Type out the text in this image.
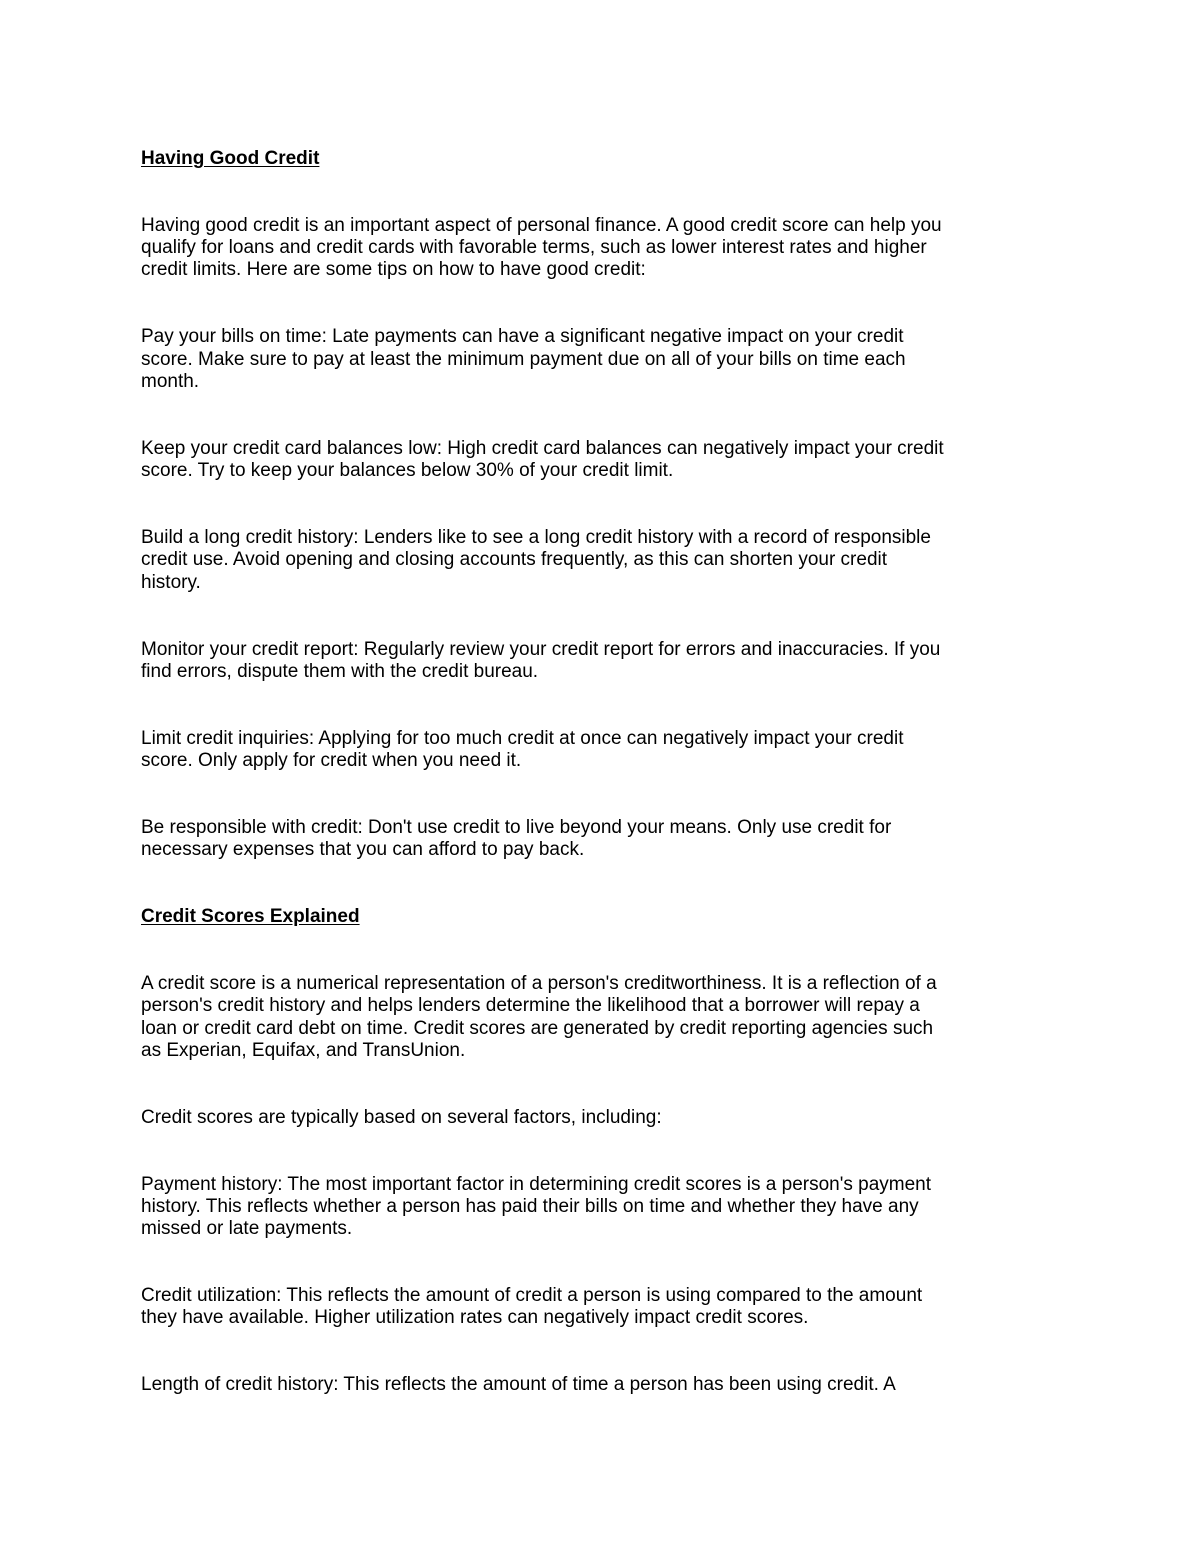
Having Good Credit

Having good credit is an important aspect of personal finance. A good credit score can help you
qualify for loans and credit cards with favorable terms, such as lower interest rates and higher
credit limits. Here are some tips on how to have good credit:

Pay your bills on time: Late payments can have a significant negative impact on your credit
score. Make sure to pay at least the minimum payment due on all of your bills on time each
month.

Keep your credit card balances low: High credit card balances can negatively impact your credit
score. Try to keep your balances below 30% of your credit limit.

Build a long credit history: Lenders like to see a long credit history with a record of responsible
credit use. Avoid opening and closing accounts frequently, as this can shorten your credit
history.

Monitor your credit report: Regularly review your credit report for errors and inaccuracies. If you
find errors, dispute them with the credit bureau.

Limit credit inquiries: Applying for too much credit at once can negatively impact your credit
score. Only apply for credit when you need it.

Be responsible with credit: Don't use credit to live beyond your means. Only use credit for
necessary expenses that you can afford to pay back.

Credit Scores Explained

A credit score is a numerical representation of a person's creditworthiness. It is a reflection of a
person's credit history and helps lenders determine the likelihood that a borrower will repay a
loan or credit card debt on time. Credit scores are generated by credit reporting agencies such
as Experian, Equifax, and TransUnion.

Credit scores are typically based on several factors, including:

Payment history: The most important factor in determining credit scores is a person's payment
history. This reflects whether a person has paid their bills on time and whether they have any
missed or late payments.

Credit utilization: This reflects the amount of credit a person is using compared to the amount
they have available. Higher utilization rates can negatively impact credit scores.

Length of credit history: This reflects the amount of time a person has been using credit. A
